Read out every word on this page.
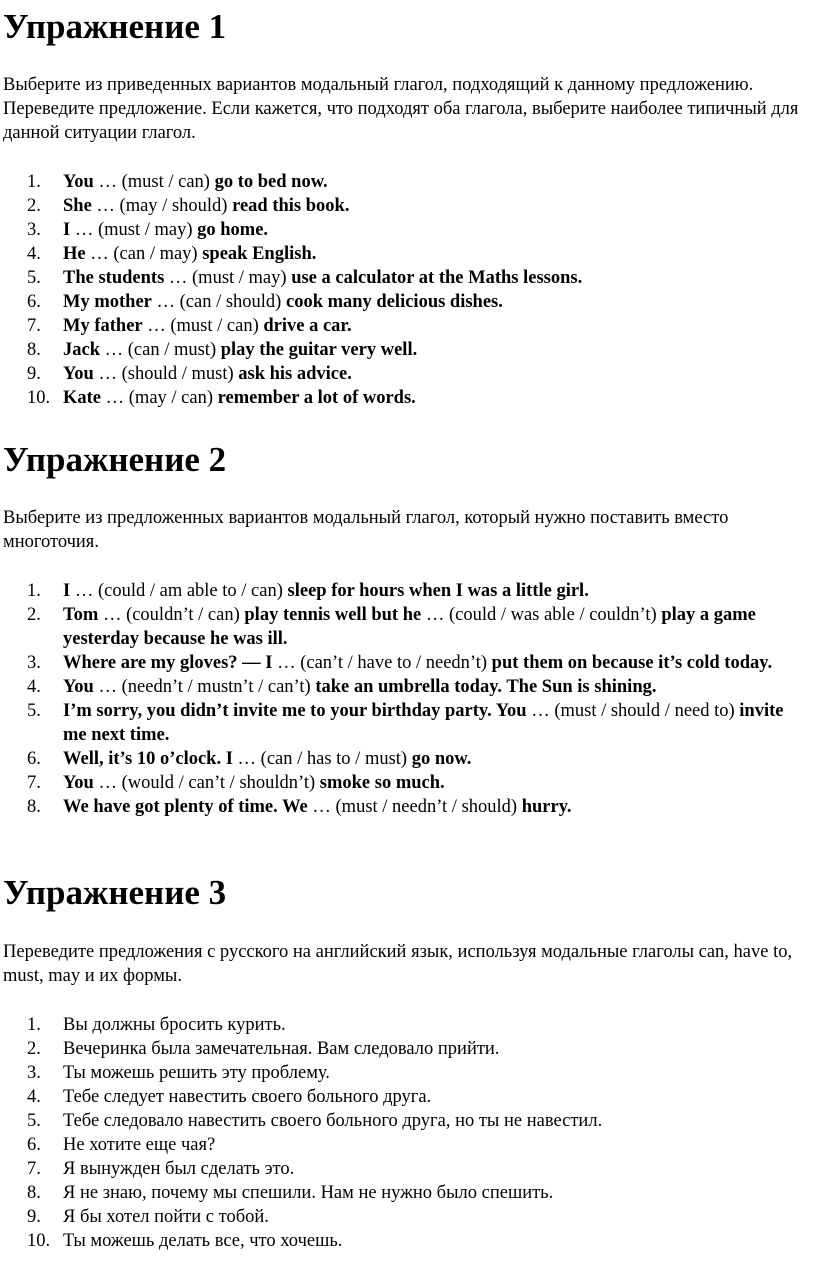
Упражнение 1

Выберите из приведенных вариантов модальный глагол, подходящий к данному предложению. Переведите предложение. Если кажется, что подходят оба глагола, выберите наиболее типичный для данной ситуации глагол.

1.	You … (must / can) go to bed now.
2.	She … (may / should) read this book.
3.	I … (must / may) go home.
4.	He … (can / may) speak English.
5.	The students … (must / may) use a calculator at the Maths lessons.
6.	My mother … (can / should) cook many delicious dishes.
7.	My father … (must / can) drive a car.
8.	Jack … (can / must) play the guitar very well.
9.	You … (should / must) ask his advice.
10. Kate … (may / can) remember a lot of words.
Упражнение 2

Выберите из предложенных вариантов модальный глагол, который нужно поставить вместо многоточия.

1.	I … (could / am able to / can) sleep for hours when I was a little girl.
2.	Tom … (couldn’t / can) play tennis well but he … (could / was able / couldn’t) play a game yesterday because he was ill.
3.	Where are my gloves? — I … (can’t / have to / needn’t) put them on because it’s cold today.
4.	You … (needn’t / mustn’t / can’t) take an umbrella today. The Sun is shining.
5.	I’m sorry, you didn’t invite me to your birthday party. You … (must / should / need to) invite me next time.
6.	Well, it’s 10 o’clock. I … (can / has to / must) go now.
7.	You … (would / can’t / shouldn’t) smoke so much.
8.	We have got plenty of time. We … (must / needn’t / should) hurry.
Упражнение 3

Переведите предложения с русского на английский язык, используя модальные глаголы can, have to, must, may и их формы.

1.	Вы должны бросить курить.
2.	Вечеринка была замечательная. Вам следовало прийти.
3.	Ты можешь решить эту проблему.
4.	Тебе следует навестить своего больного друга.
5.	Тебе следовало навестить своего больного друга, но ты не навестил.
6.	Не хотите еще чая?
7.	Я вынужден был сделать это.
8.	Я не знаю, почему мы спешили. Нам не нужно было спешить.
9.	Я бы хотел пойти с тобой.
10. Ты можешь делать все, что хочешь.
